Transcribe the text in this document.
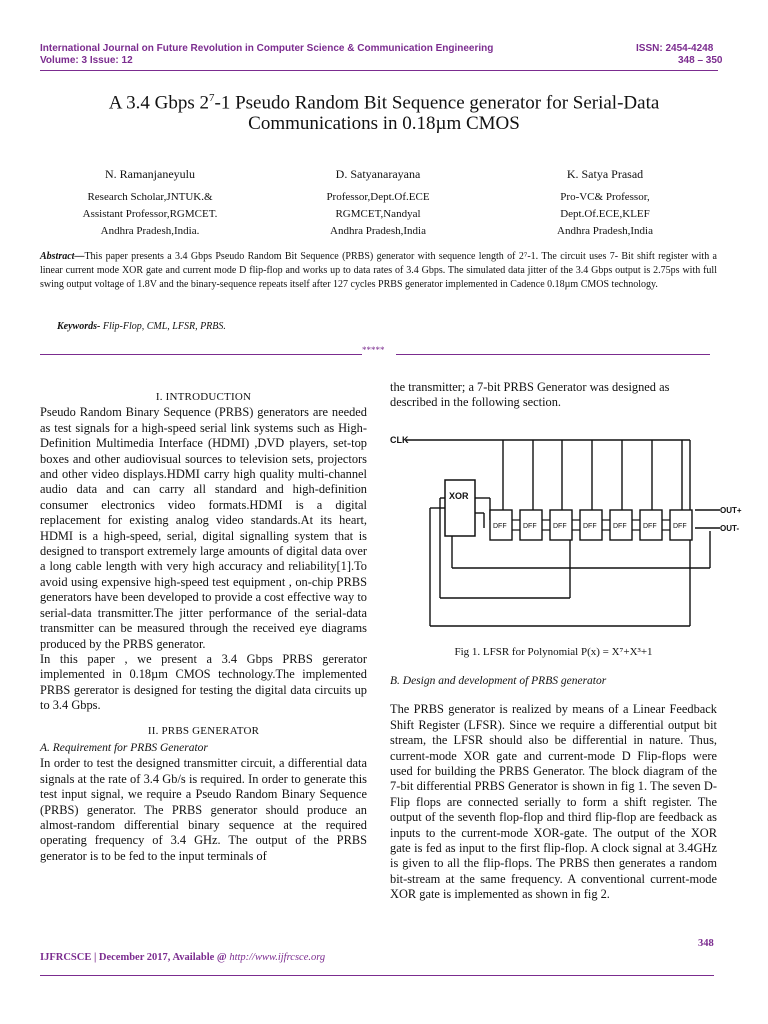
International Journal on Future Revolution in Computer Science & Communication Engineering
Volume: 3 Issue: 12
ISSN: 2454-4248
348 – 350
A 3.4 Gbps $2^7-1$ Pseudo Random Bit Sequence generator for Serial-Data
Communications in 0.18µm CMOS
N. Ramanjaneyulu
Research Scholar,JNTUK.&
Assistant Professor,RGMCET.
Andhra Pradesh,India.
D. Satyanarayana
Professor,Dept.Of.ECE
RGMCET,Nandyal
Andhra Pradesh,India
K. Satya Prasad
Pro-VC& Professor,
Dept.Of.ECE,KLEF
Andhra Pradesh,India
Abstract—This paper presents a 3.4 Gbps Pseudo Random Bit Sequence (PRBS) generator with sequence length of 2⁷-1. The circuit uses 7- Bit shift register with a linear current mode XOR gate and current mode D flip-flop and works up to data rates of 3.4 Gbps. The simulated data jitter of the 3.4 Gbps output is 2.75ps with full swing output voltage of 1.8V and the binary-sequence repeats itself after 127 cycles PRBS generator implemented in Cadence 0.18µm CMOS technology.
Keywords- Flip-Flop, CML, LFSR, PRBS.
*****
I. INTRODUCTION

Pseudo Random Binary Sequence (PRBS) generators are needed as test signals for a high-speed serial link systems such as High-Definition Multimedia Interface (HDMI) ,DVD players, set-top boxes and other audiovisual sources to television sets, projectors and other video displays.HDMI carry high quality multi-channel audio data and can carry all standard and high-definition consumer electronics video formats.HDMI is a digital replacement for existing analog video standards.At its heart, HDMI is a high-speed, serial, digital signalling system that is designed to transport extremely large amounts of digital data over a long cable length with very high accuracy and reliability[1].To avoid using expensive high-speed test equipment , on-chip PRBS generators have been developed to provide a cost effective way to serial-data transmitter.The jitter performance of the serial-data transmitter can be measured through the received eye diagrams produced by the PRBS generator.

In this paper , we present a 3.4 Gbps PRBS gererator implemented in 0.18µm CMOS technology.The implemented PRBS gererator is designed for testing the digital data circuits up to 3.4 Gbps.

II. PRBS GENERATOR
A. Requirement for PRBS Generator

In order to test the designed transmitter circuit, a differential data signals at the rate of 3.4 Gb/s is required. In order to generate this test input signal, we require a Pseudo Random Binary Sequence (PRBS) generator. The PRBS generator should produce an almost-random differential binary sequence at the required operating frequency of 3.4 GHz. The output of the PRBS generator is to be fed to the input terminals of

the transmitter; a 7-bit PRBS Generator was designed as described in the following section.

CLK
XOR
DFF DFF DFF DFF DFF DFF DFF
OUT+
OUT-
Fig 1. LFSR for Polynomial P(x) = X⁷+X³+1
B. Design and development of PRBS generator

The PRBS generator is realized by means of a Linear Feedback Shift Register (LFSR). Since we require a differential output bit stream, the LFSR should also be differential in nature. Thus, current-mode XOR gate and current-mode D Flip-flops were used for building the PRBS Generator. The block diagram of the 7-bit differential PRBS Generator is shown in fig 1. The seven D-Flip flops are connected serially to form a shift register. The output of the seventh flop-flop and third flip-flop are feedback as inputs to the current-mode XOR-gate. The output of the XOR gate is fed as input to the first flip-flop. A clock signal at 3.4GHz is given to all the flip-flops. The PRBS then generates a random bit-stream at the same frequency. A conventional current-mode XOR gate is implemented as shown in fig 2.

348
IJFRCSCE | December 2017, Available @ http://www.ijfrcsce.org
